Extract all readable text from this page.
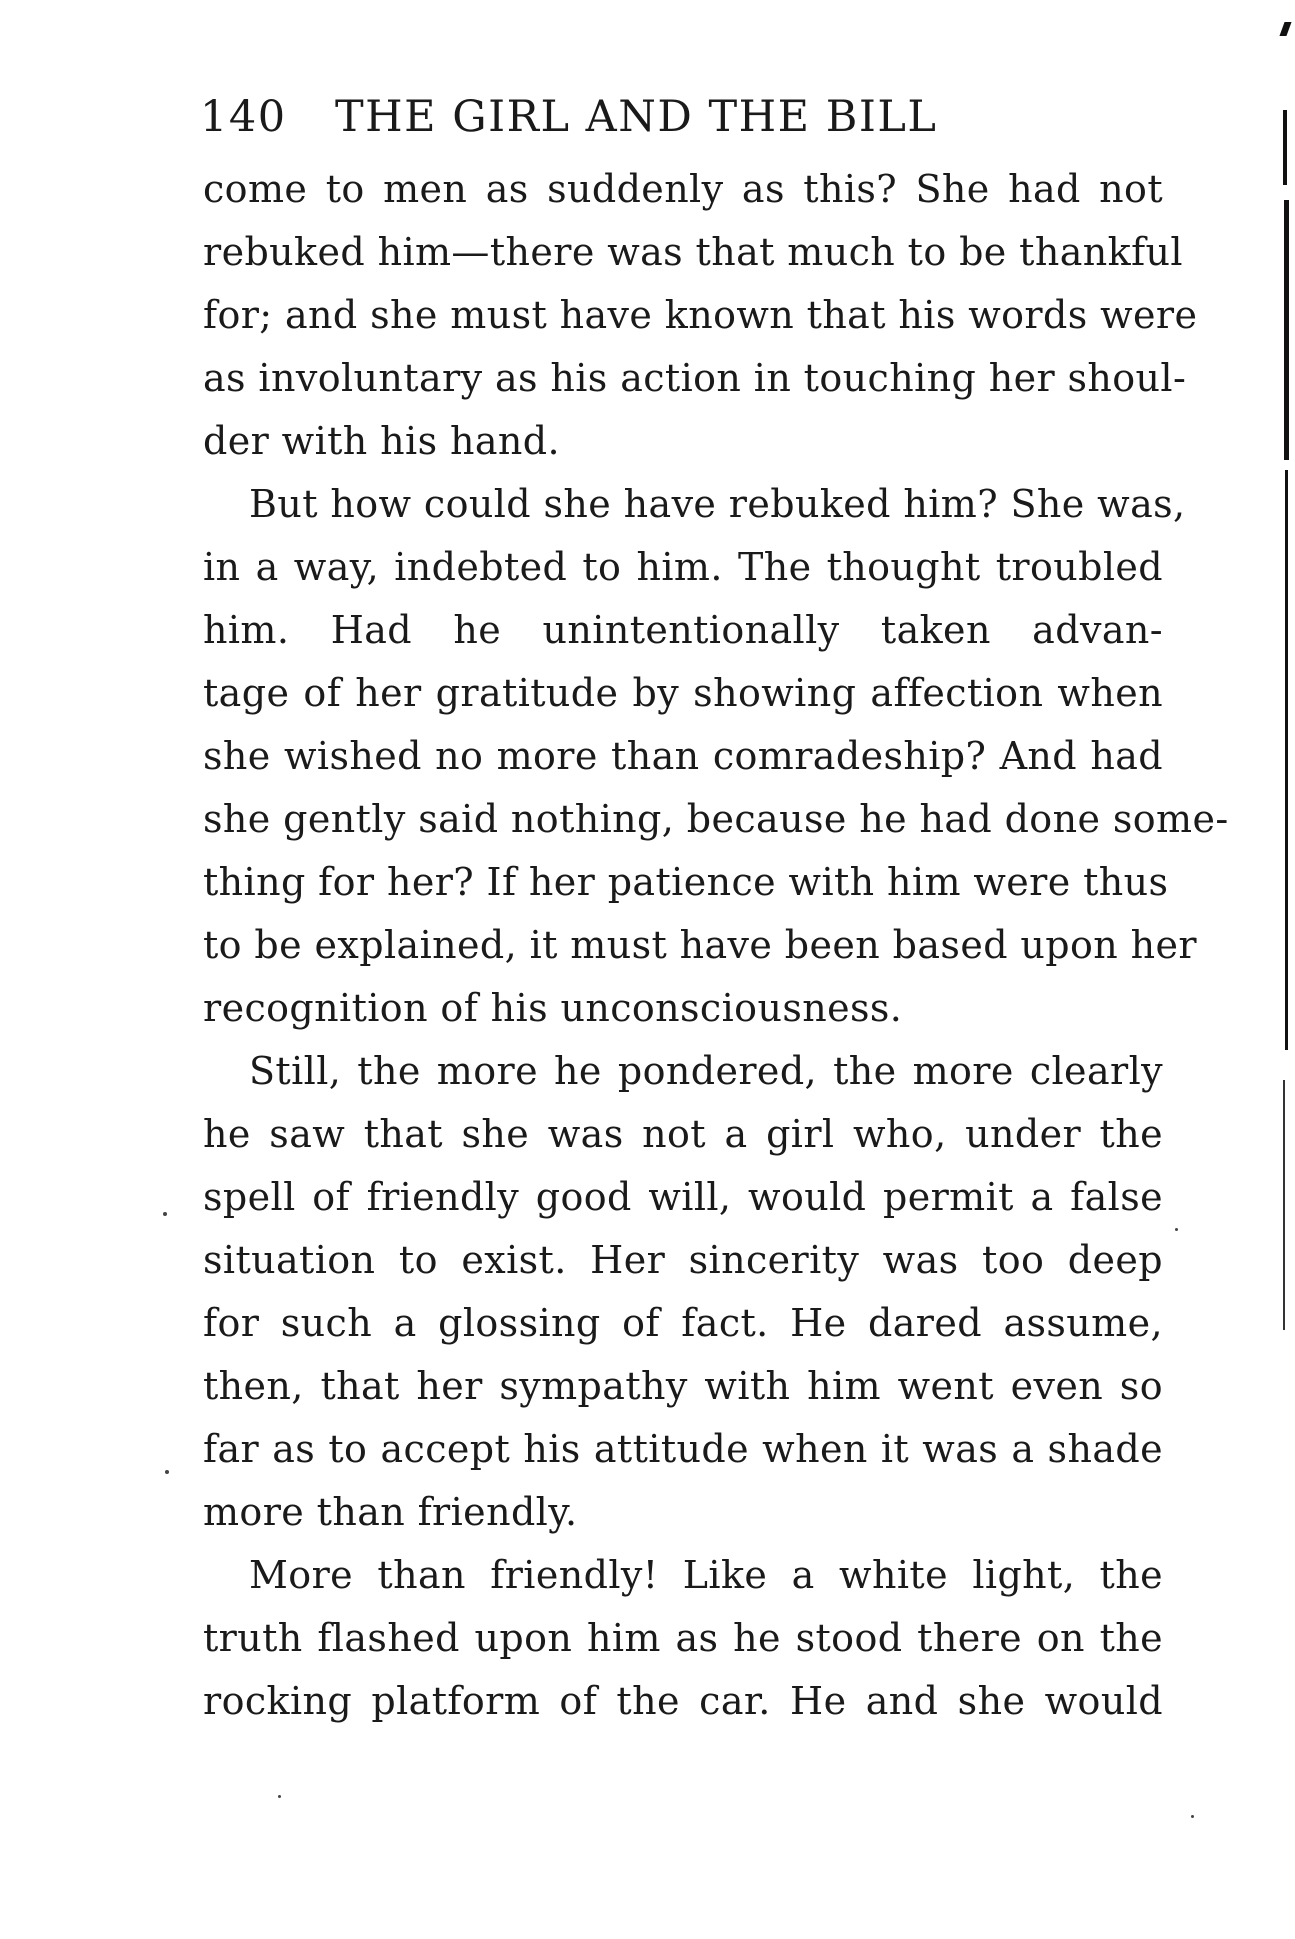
140 THE GIRL AND THE BILL
come to men as suddenly as this? She had not
rebuked him—there was that much to be thankful
for; and she must have known that his words were
as involuntary as his action in touching her shoul-
der with his hand.
But how could she have rebuked him? She was,
in a way, indebted to him. The thought troubled
him. Had he unintentionally taken advan-
tage of her gratitude by showing affection when
she wished no more than comradeship? And had
she gently said nothing, because he had done some-
thing for her? If her patience with him were thus
to be explained, it must have been based upon her
recognition of his unconsciousness.
Still, the more he pondered, the more clearly
he saw that she was not a girl who, under the
spell of friendly good will, would permit a false
situation to exist. Her sincerity was too deep
for such a glossing of fact. He dared assume,
then, that her sympathy with him went even so
far as to accept his attitude when it was a shade
more than friendly.
More than friendly! Like a white light, the
truth flashed upon him as he stood there on the
rocking platform of the car. He and she would
